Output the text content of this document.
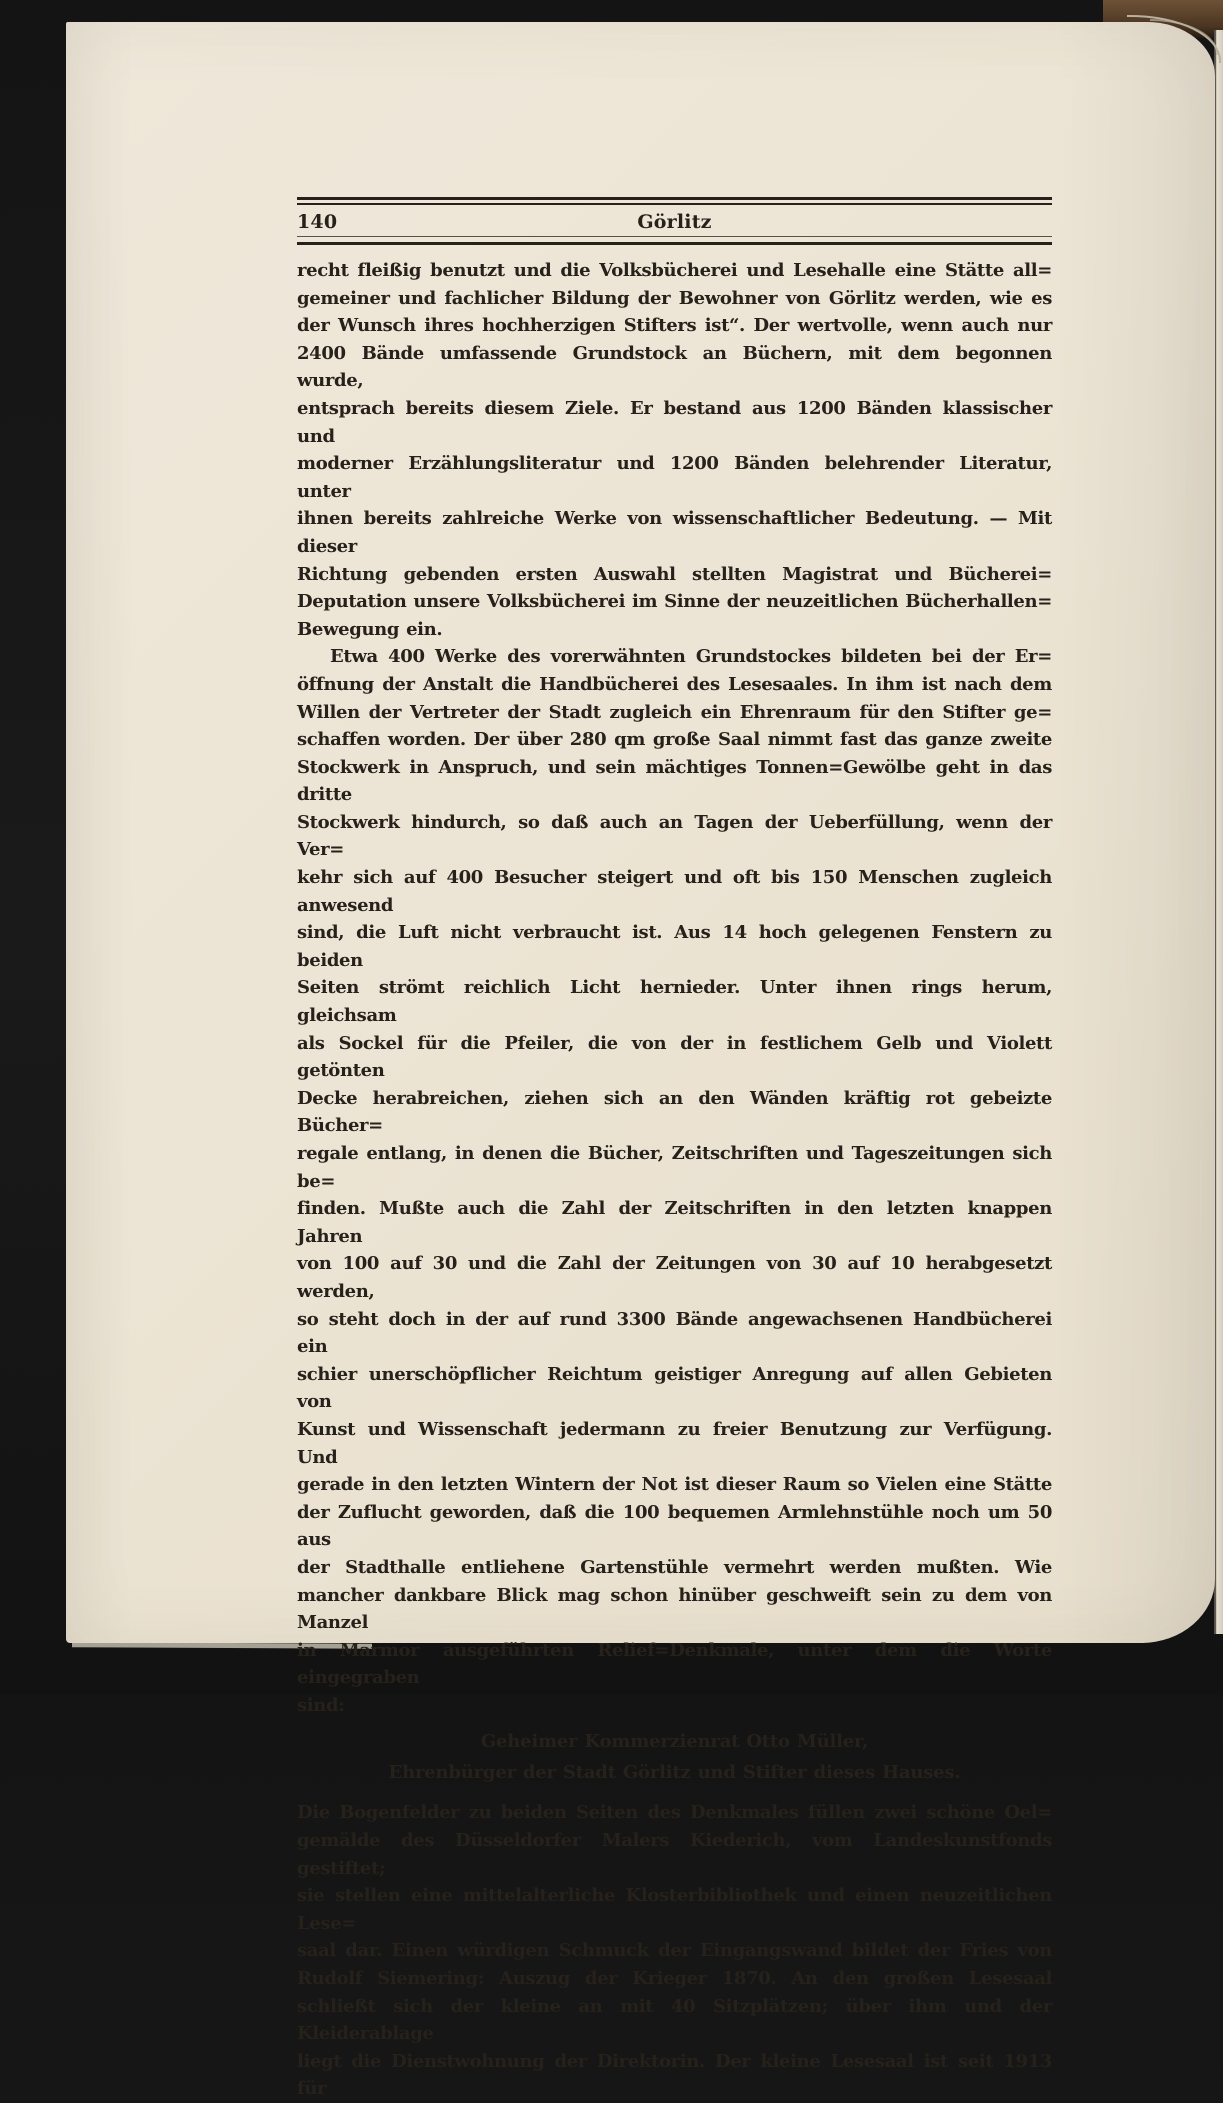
140	Görlitz
recht fleißig benutzt und die Volksbücherei und Lesehalle eine Stätte all=
gemeiner und fachlicher Bildung der Bewohner von Görlitz werden, wie es
der Wunsch ihres hochherzigen Stifters ist“. Der wertvolle, wenn auch nur
2400 Bände umfassende Grundstock an Büchern, mit dem begonnen wurde,
entsprach bereits diesem Ziele. Er bestand aus 1200 Bänden klassischer und
moderner Erzählungsliteratur und 1200 Bänden belehrender Literatur, unter
ihnen bereits zahlreiche Werke von wissenschaftlicher Bedeutung. — Mit dieser
Richtung gebenden ersten Auswahl stellten Magistrat und Bücherei=
Deputation unsere Volksbücherei im Sinne der neuzeitlichen Bücherhallen=
Bewegung ein.
Etwa 400 Werke des vorerwähnten Grundstockes bildeten bei der Er=
öffnung der Anstalt die Handbücherei des Lesesaales. In ihm ist nach dem
Willen der Vertreter der Stadt zugleich ein Ehrenraum für den Stifter ge=
schaffen worden. Der über 280 qm große Saal nimmt fast das ganze zweite
Stockwerk in Anspruch, und sein mächtiges Tonnen=Gewölbe geht in das dritte
Stockwerk hindurch, so daß auch an Tagen der Ueberfüllung, wenn der Ver=
kehr sich auf 400 Besucher steigert und oft bis 150 Menschen zugleich anwesend
sind, die Luft nicht verbraucht ist. Aus 14 hoch gelegenen Fenstern zu beiden
Seiten strömt reichlich Licht hernieder. Unter ihnen rings herum, gleichsam
als Sockel für die Pfeiler, die von der in festlichem Gelb und Violett getönten
Decke herabreichen, ziehen sich an den Wänden kräftig rot gebeizte Bücher=
regale entlang, in denen die Bücher, Zeitschriften und Tageszeitungen sich be=
finden. Mußte auch die Zahl der Zeitschriften in den letzten knappen Jahren
von 100 auf 30 und die Zahl der Zeitungen von 30 auf 10 herabgesetzt werden,
so steht doch in der auf rund 3300 Bände angewachsenen Handbücherei ein
schier unerschöpflicher Reichtum geistiger Anregung auf allen Gebieten von
Kunst und Wissenschaft jedermann zu freier Benutzung zur Verfügung. Und
gerade in den letzten Wintern der Not ist dieser Raum so Vielen eine Stätte
der Zuflucht geworden, daß die 100 bequemen Armlehnstühle noch um 50 aus
der Stadthalle entliehene Gartenstühle vermehrt werden mußten. Wie
mancher dankbare Blick mag schon hinüber geschweift sein zu dem von Manzel
in Marmor ausgeführten Relief=Denkmale, unter dem die Worte eingegraben
sind:
Geheimer Kommerzienrat Otto Müller,
Ehrenbürger der Stadt Görlitz und Stifter dieses Hauses.
Die Bogenfelder zu beiden Seiten des Denkmales füllen zwei schöne Oel=
gemälde des Düsseldorfer Malers Kiederich, vom Landeskunstfonds gestiftet;
sie stellen eine mittelalterliche Klosterbibliothek und einen neuzeitlichen Lese=
saal dar. Einen würdigen Schmuck der Eingangswand bildet der Fries von
Rudolf Siemering: Auszug der Krieger 1870. An den großen Lesesaal
schließt sich der kleine an mit 40 Sitzplätzen; über ihm und der Kleiderablage
liegt die Dienstwohnung der Direktorin. Der kleine Lesesaal ist seit 1913 für
